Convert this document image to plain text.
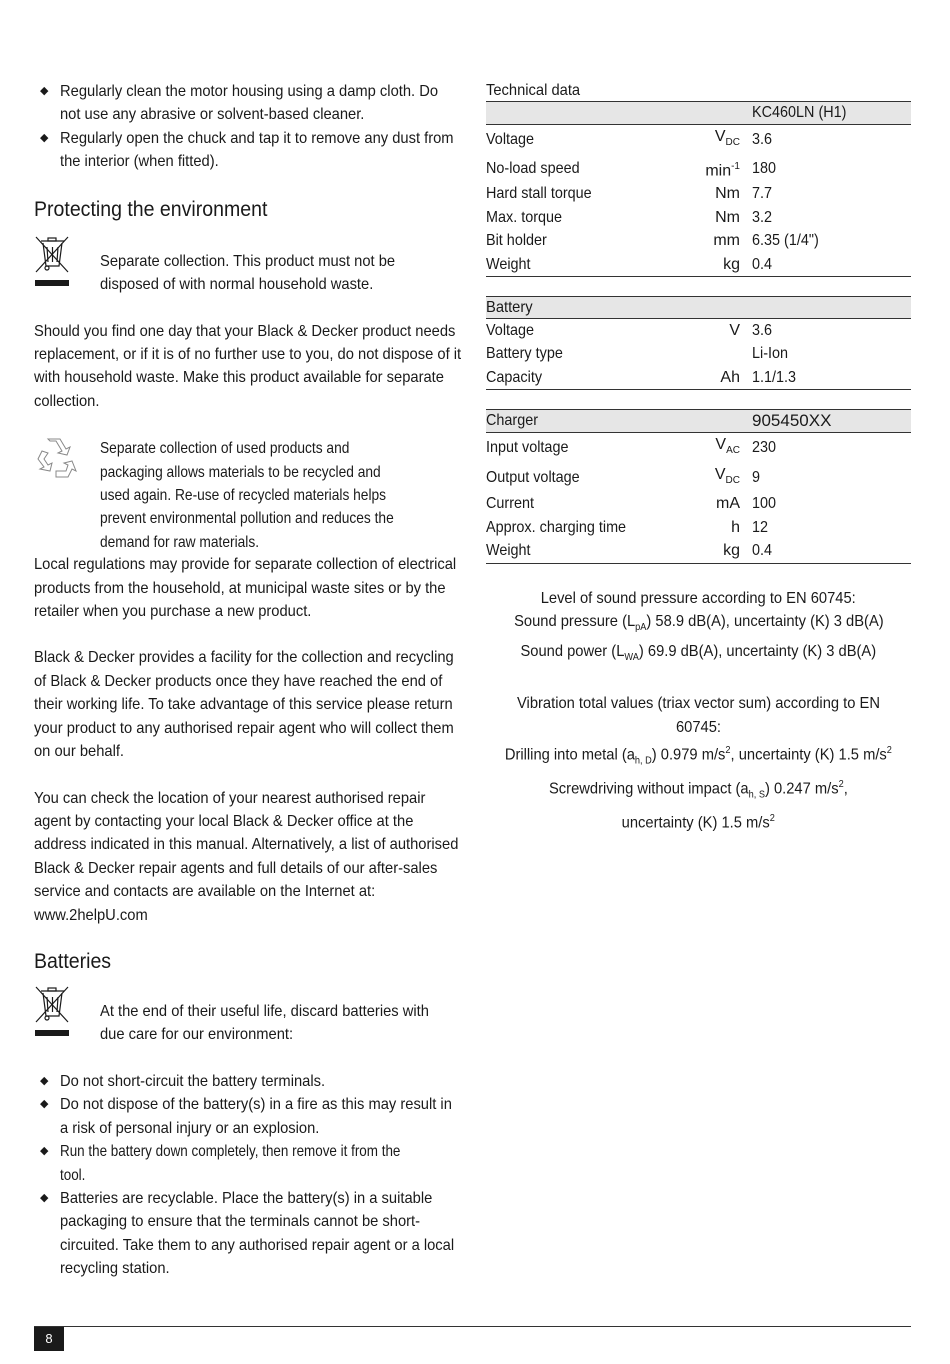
◆ Regularly clean the motor housing using a damp cloth. Do not use any abrasive or solvent-based cleaner.
◆ Regularly open the chuck and tap it to remove any dust from the interior (when fitted).
Protecting the environment
Separate collection. This product must not be disposed of with normal household waste.

Should you find one day that your Black & Decker product needs replacement, or if it is of no further use to you, do not dispose of it with household waste. Make this product available for separate collection.

Separate collection of used products and packaging allows materials to be recycled and used again. Re-use of recycled materials helps prevent environmental pollution and reduces the demand for raw materials.

Local regulations may provide for separate collection of electrical products from the household, at municipal waste sites or by the retailer when you purchase a new product.

Black & Decker provides a facility for the collection and recycling of Black & Decker products once they have reached the end of their working life. To take advantage of this service please return your product to any authorised repair agent who will collect them on our behalf.

You can check the location of your nearest authorised repair agent by contacting your local Black & Decker office at the address indicated in this manual. Alternatively, a list of authorised Black & Decker repair agents and full details of our after-sales service and contacts are available on the Internet at: www.2helpU.com

Batteries
At the end of their useful life, discard batteries with due care for our environment:
◆ Do not short-circuit the battery terminals.
◆ Do not dispose of the battery(s) in a fire as this may result in a risk of personal injury or an explosion.
◆ Run the battery down completely, then remove it from the tool.
◆ Batteries are recyclable. Place the battery(s) in a suitable packaging to ensure that the terminals cannot be short-circuited. Take them to any authorised repair agent or a local recycling station.
Technical data
		KC460LN (H1)
Voltage	$V_{DC}$	3.6
No-load speed	$\min^{-1}$	180
Hard stall torque	Nm	7.7
Max. torque	Nm	3.2
Bit holder	mm	6.35 (1/4")
Weight	kg	0.4
Battery
Voltage	V	3.6
Battery type		Li-Ion
Capacity	Ah	1.1/1.3
Charger		905450XX
Input voltage	$V_{AC}$	230
Output voltage	$V_{DC}$	9
Current	mA	100
Approx. charging time	h	12
Weight	kg	0.4
Level of sound pressure according to EN 60745:
Sound pressure $(L_{pA})$ 58.9 dB(A), uncertainty (K) 3 dB(A)
Sound power $(L_{WA})$ 69.9 dB(A), uncertainty (K) 3 dB(A)
Vibration total values (triax vector sum) according to EN 60745:
Drilling into metal $(a_{h, D})$ 0.979 $m/s^2$, uncertainty (K) 1.5 $m/s^2$
Screwdriving without impact $(a_{h, S})$ 0.247 $m/s^2$,
uncertainty (K) 1.5 $m/s^2$
8
